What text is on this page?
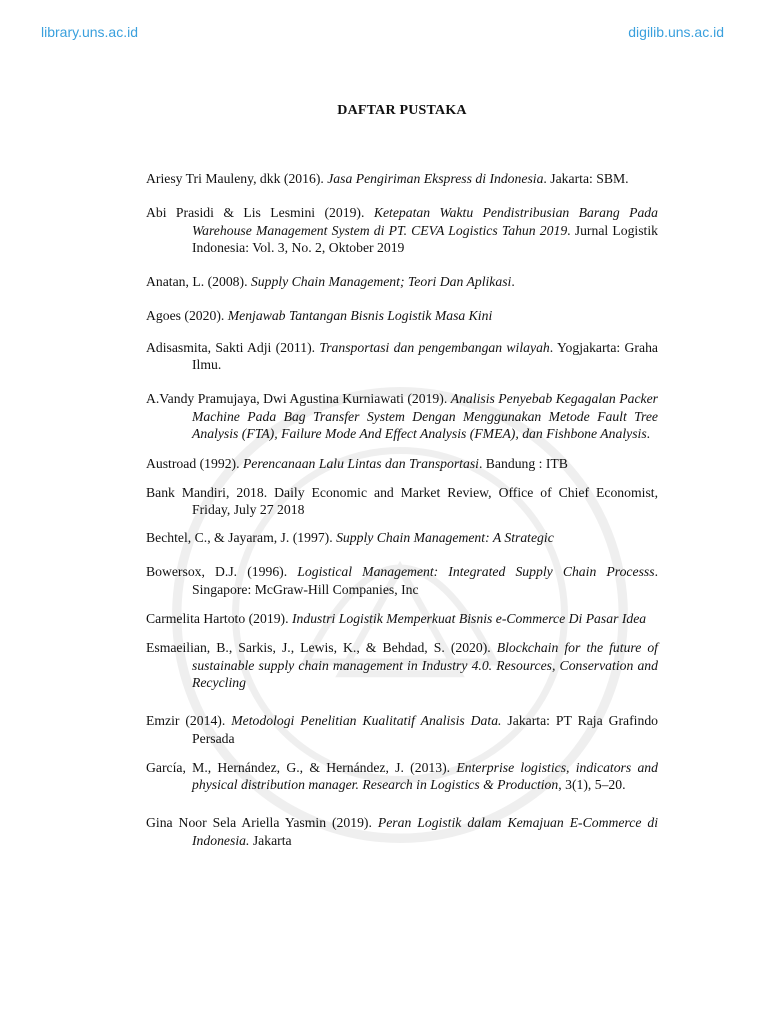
library.uns.ac.id	digilib.uns.ac.id
DAFTAR PUSTAKA

Ariesy Tri Mauleny, dkk (2016). Jasa Pengiriman Ekspress di Indonesia. Jakarta: SBM.

Abi Prasidi & Lis Lesmini (2019). Ketepatan Waktu Pendistribusian Barang Pada Warehouse Management System di PT. CEVA Logistics Tahun 2019. Jurnal Logistik Indonesia: Vol. 3, No. 2, Oktober 2019

Anatan, L. (2008). Supply Chain Management; Teori Dan Aplikasi.

Agoes (2020). Menjawab Tantangan Bisnis Logistik Masa Kini

Adisasmita, Sakti Adji (2011). Transportasi dan pengembangan wilayah. Yogjakarta: Graha Ilmu.

A.Vandy Pramujaya, Dwi Agustina Kurniawati (2019). Analisis Penyebab Kegagalan Packer Machine Pada Bag Transfer System Dengan Menggunakan Metode Fault Tree Analysis (FTA), Failure Mode And Effect Analysis (FMEA), dan Fishbone Analysis.

Austroad (1992). Perencanaan Lalu Lintas dan Transportasi. Bandung : ITB

Bank Mandiri, 2018. Daily Economic and Market Review, Office of Chief Economist, Friday, July 27 2018

Bechtel, C., & Jayaram, J. (1997). Supply Chain Management: A Strategic

Bowersox, D.J. (1996). Logistical Management: Integrated Supply Chain Processs. Singapore: McGraw-Hill Companies, Inc

Carmelita Hartoto (2019). Industri Logistik Memperkuat Bisnis e-Commerce Di Pasar Idea

Esmaeilian, B., Sarkis, J., Lewis, K., & Behdad, S. (2020). Blockchain for the future of sustainable supply chain management in Industry 4.0. Resources, Conservation and Recycling

Emzir (2014). Metodologi Penelitian Kualitatif Analisis Data. Jakarta: PT Raja Grafindo Persada

García, M., Hernández, G., & Hernández, J. (2013). Enterprise logistics, indicators and physical distribution manager. Research in Logistics & Production, 3(1), 5–20.

Gina Noor Sela Ariella Yasmin (2019). Peran Logistik dalam Kemajuan E-Commerce di Indonesia. Jakarta
